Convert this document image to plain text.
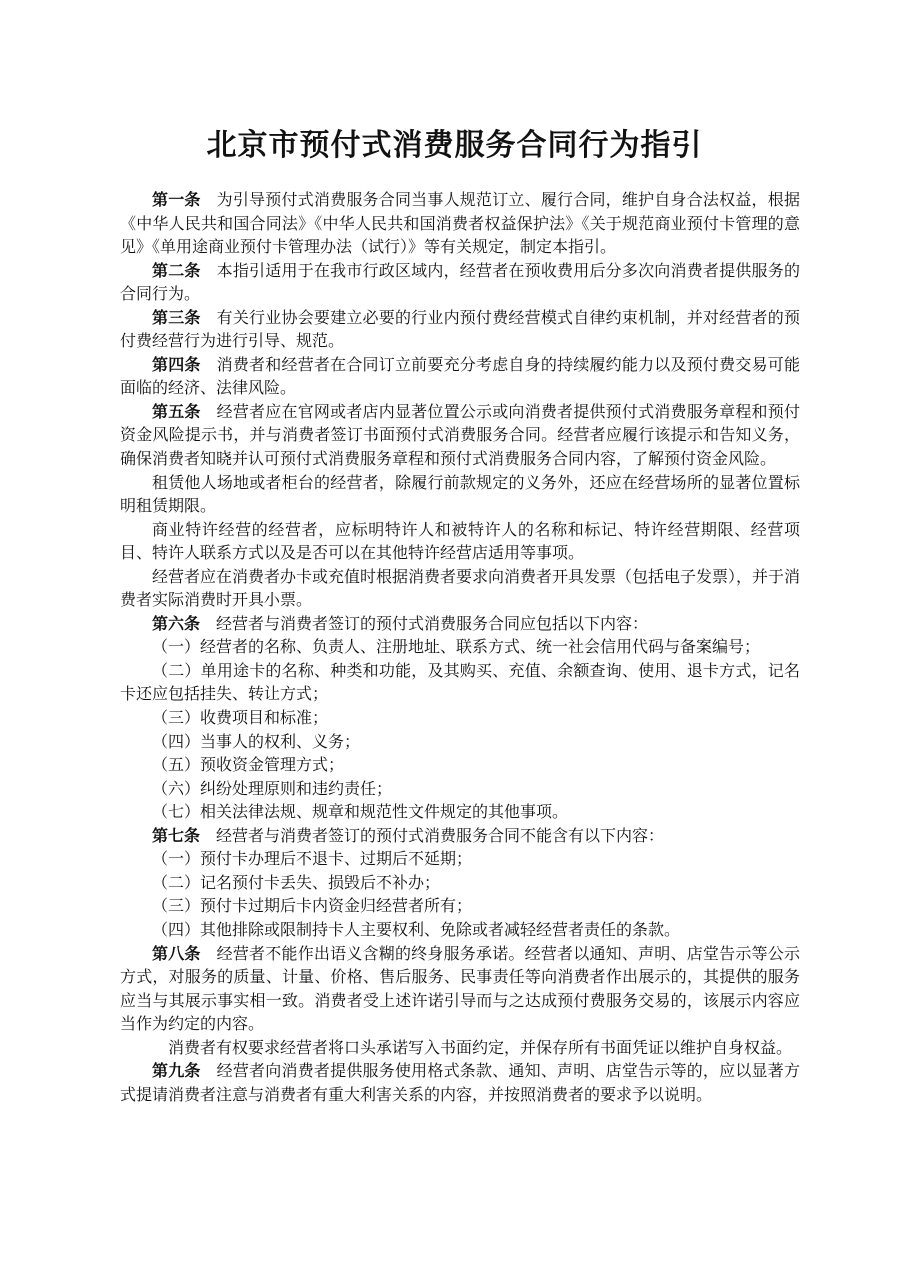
北京市预付式消费服务合同行为指引

第一条 为引导预付式消费服务合同当事人规范订立、履行合同，维护自身合法权益，根据《中华人民共和国合同法》《中华人民共和国消费者权益保护法》《关于规范商业预付卡管理的意见》《单用途商业预付卡管理办法（试行）》等有关规定，制定本指引。

第二条 本指引适用于在我市行政区域内，经营者在预收费用后分多次向消费者提供服务的合同行为。

第三条 有关行业协会要建立必要的行业内预付费经营模式自律约束机制，并对经营者的预付费经营行为进行引导、规范。

第四条 消费者和经营者在合同订立前要充分考虑自身的持续履约能力以及预付费交易可能面临的经济、法律风险。

第五条 经营者应在官网或者店内显著位置公示或向消费者提供预付式消费服务章程和预付资金风险提示书，并与消费者签订书面预付式消费服务合同。经营者应履行该提示和告知义务，确保消费者知晓并认可预付式消费服务章程和预付式消费服务合同内容，了解预付资金风险。

租赁他人场地或者柜台的经营者，除履行前款规定的义务外，还应在经营场所的显著位置标明租赁期限。

商业特许经营的经营者，应标明特许人和被特许人的名称和标记、特许经营期限、经营项目、特许人联系方式以及是否可以在其他特许经营店适用等事项。

经营者应在消费者办卡或充值时根据消费者要求向消费者开具发票（包括电子发票），并于消费者实际消费时开具小票。

第六条 经营者与消费者签订的预付式消费服务合同应包括以下内容：

（一）经营者的名称、负责人、注册地址、联系方式、统一社会信用代码与备案编号；

（二）单用途卡的名称、种类和功能，及其购买、充值、余额查询、使用、退卡方式，记名卡还应包括挂失、转让方式；

（三）收费项目和标准；

（四）当事人的权利、义务；

（五）预收资金管理方式；

（六）纠纷处理原则和违约责任；

（七）相关法律法规、规章和规范性文件规定的其他事项。

第七条 经营者与消费者签订的预付式消费服务合同不能含有以下内容：

（一）预付卡办理后不退卡、过期后不延期；

（二）记名预付卡丢失、损毁后不补办；

（三）预付卡过期后卡内资金归经营者所有；

（四）其他排除或限制持卡人主要权利、免除或者减轻经营者责任的条款。

第八条 经营者不能作出语义含糊的终身服务承诺。经营者以通知、声明、店堂告示等公示方式，对服务的质量、计量、价格、售后服务、民事责任等向消费者作出展示的，其提供的服务应当与其展示事实相一致。消费者受上述许诺引导而与之达成预付费服务交易的，该展示内容应当作为约定的内容。

消费者有权要求经营者将口头承诺写入书面约定，并保存所有书面凭证以维护自身权益。

第九条 经营者向消费者提供服务使用格式条款、通知、声明、店堂告示等的，应以显著方式提请消费者注意与消费者有重大利害关系的内容，并按照消费者的要求予以说明。
